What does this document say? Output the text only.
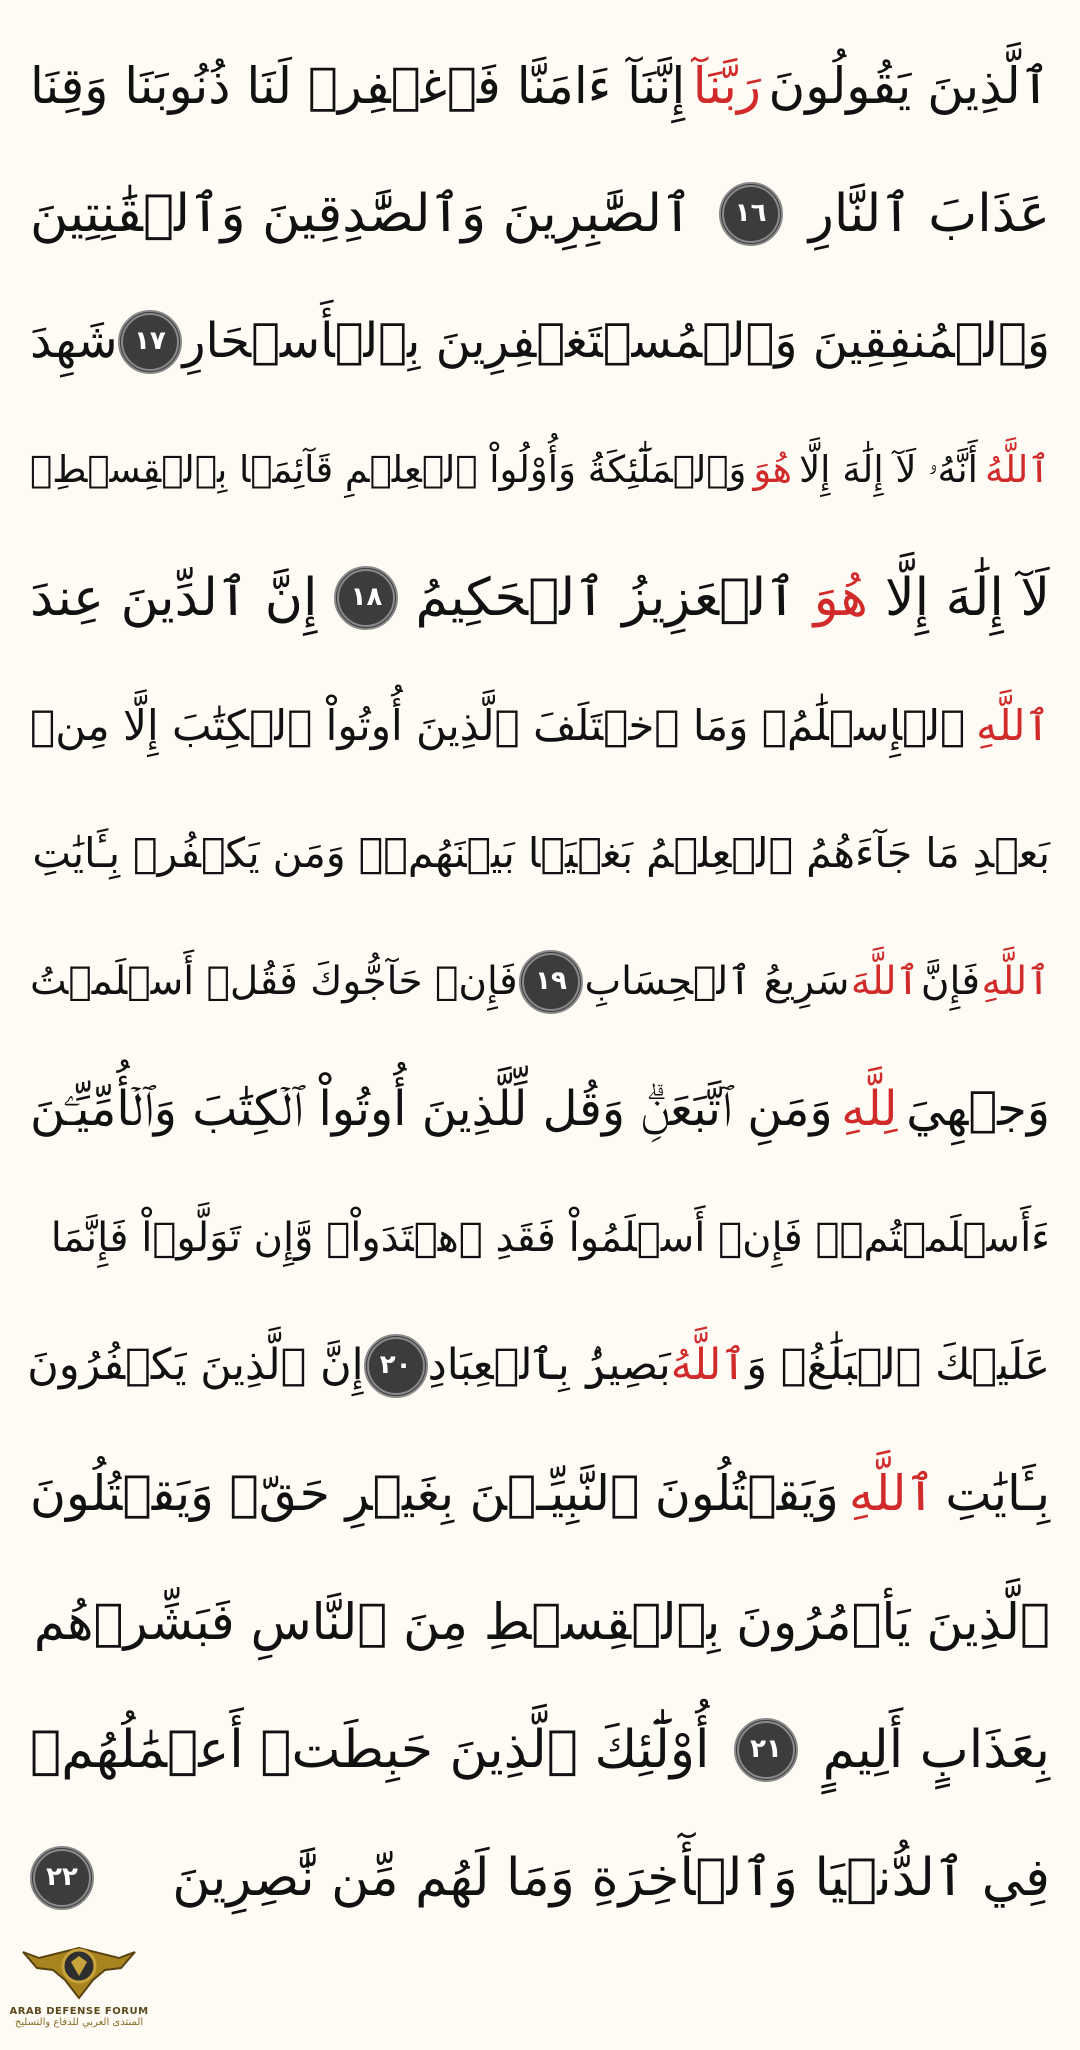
ٱلَّذِينَ يَقُولُونَ
رَبَّنَآ
إِنَّنَآ ءَامَنَّا فَٱغۡفِرۡ لَنَا ذُنُوبَنَا وَقِنَا
عَذَابَ ٱلنَّارِ
١٦
ٱلصَّٰبِرِينَ وَٱلصَّٰدِقِينَ وَٱلۡقَٰنِتِينَ
وَٱلۡمُنفِقِينَ وَٱلۡمُسۡتَغۡفِرِينَ بِٱلۡأَسۡحَارِ
١٧
شَهِدَ
ٱللَّهُ
أَنَّهُۥ لَآ إِلَٰهَ إِلَّا
هُوَ
وَٱلۡمَلَٰٓئِكَةُ وَأُوْلُواْ ٱلۡعِلۡمِ قَآئِمَۢا بِٱلۡقِسۡطِۚ
لَآ إِلَٰهَ إِلَّا
هُوَ
ٱلۡعَزِيزُ ٱلۡحَكِيمُ
١٨
إِنَّ ٱلدِّينَ عِندَ
ٱللَّهِ
ٱلۡإِسۡلَٰمُۗ وَمَا ٱخۡتَلَفَ ٱلَّذِينَ أُوتُواْ ٱلۡكِتَٰبَ إِلَّا مِنۢ
بَعۡدِ مَا جَآءَهُمُ ٱلۡعِلۡمُ بَغۡيَۢا بَيۡنَهُمۡۗ وَمَن يَكۡفُرۡ بِـَٔايَٰتِ
ٱللَّهِ
فَإِنَّ
ٱللَّهَ
سَرِيعُ ٱلۡحِسَابِ
١٩
فَإِنۡ حَآجُّوكَ فَقُلۡ أَسۡلَمۡتُ
وَجۡهِيَ
لِلَّهِ
وَمَنِ ٱتَّبَعَنِۗ وَقُل لِّلَّذِينَ أُوتُواْ ٱلۡكِتَٰبَ وَٱلۡأُمِّيِّـۧنَ
ءَأَسۡلَمۡتُمۡۚ فَإِنۡ أَسۡلَمُواْ فَقَدِ ٱهۡتَدَواْۖ وَّإِن تَوَلَّوۡاْ فَإِنَّمَا
عَلَيۡكَ ٱلۡبَلَٰغُۗ وَ
ٱللَّهُ
بَصِيرُۢ بِٱلۡعِبَادِ
٢٠
إِنَّ ٱلَّذِينَ يَكۡفُرُونَ
بِـَٔايَٰتِ
ٱللَّهِ
وَيَقۡتُلُونَ ٱلنَّبِيِّـۧنَ بِغَيۡرِ حَقّٖ وَيَقۡتُلُونَ
ٱلَّذِينَ يَأۡمُرُونَ بِٱلۡقِسۡطِ مِنَ ٱلنَّاسِ فَبَشِّرۡهُم
بِعَذَابٍ أَلِيمٍ
٢١
أُوْلَٰٓئِكَ ٱلَّذِينَ حَبِطَتۡ أَعۡمَٰلُهُمۡ
فِي ٱلدُّنۡيَا وَٱلۡأٓخِرَةِ وَمَا لَهُم مِّن نَّٰصِرِينَ
٢٢
ARAB DEFENSE FORUM
المنتدى العربي للدفاع والتسليح
